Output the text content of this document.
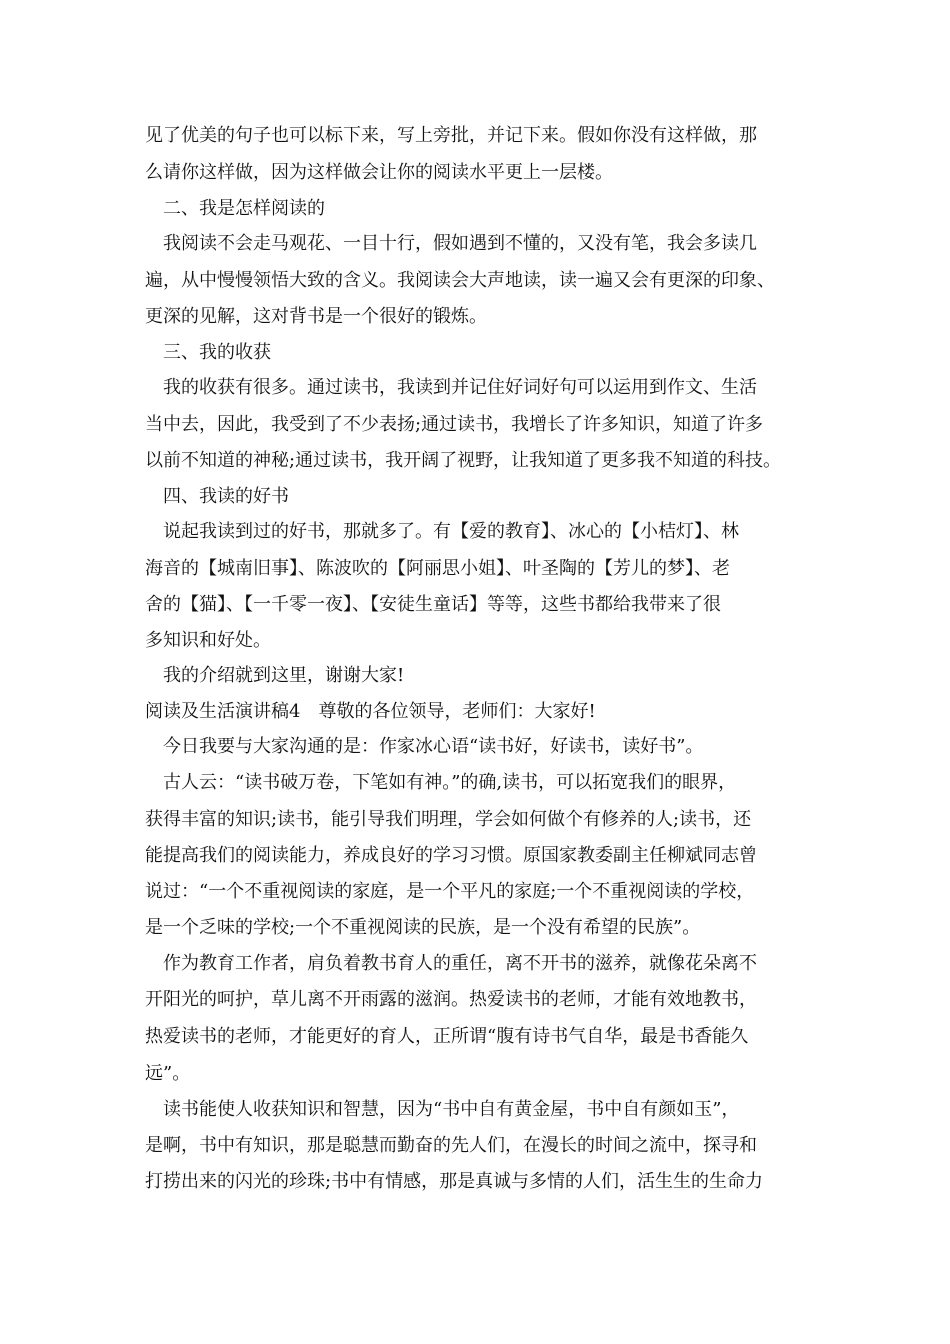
见了优美的句子也可以标下来，写上旁批，并记下来。假如你没有这样做，那
么请你这样做，因为这样做会让你的阅读水平更上一层楼。
　二、我是怎样阅读的
　我阅读不会走马观花、一目十行，假如遇到不懂的，又没有笔，我会多读几
遍，从中慢慢领悟大致的含义。我阅读会大声地读，读一遍又会有更深的印象、
更深的见解，这对背书是一个很好的锻炼。
　三、我的收获
　我的收获有很多。通过读书，我读到并记住好词好句可以运用到作文、生活
当中去，因此，我受到了不少表扬;通过读书，我增长了许多知识，知道了许多
以前不知道的神秘;通过读书，我开阔了视野，让我知道了更多我不知道的科技。
　四、我读的好书
　说起我读到过的好书，那就多了。有【爱的教育】、冰心的【小桔灯】、林
海音的【城南旧事】、陈波吹的【阿丽思小姐】、叶圣陶的【芳儿的梦】、老
舍的【猫】、【一千零一夜】、【安徒生童话】等等，这些书都给我带来了很
多知识和好处。
　我的介绍就到这里，谢谢大家!
阅读及生活演讲稿4　尊敬的各位领导，老师们：大家好!
　今日我要与大家沟通的是：作家冰心语“读书好，好读书，读好书”。
　古人云：“读书破万卷，下笔如有神。”的确,读书，可以拓宽我们的眼界，
获得丰富的知识;读书，能引导我们明理，学会如何做个有修养的人;读书，还
能提高我们的阅读能力，养成良好的学习习惯。原国家教委副主任柳斌同志曾
说过：“一个不重视阅读的家庭，是一个平凡的家庭;一个不重视阅读的学校，
是一个乏味的学校;一个不重视阅读的民族，是一个没有希望的民族”。
　作为教育工作者，肩负着教书育人的重任，离不开书的滋养，就像花朵离不
开阳光的呵护，草儿离不开雨露的滋润。热爱读书的老师，才能有效地教书，
热爱读书的老师，才能更好的育人，正所谓“腹有诗书气自华，最是书香能久
远”。
　读书能使人收获知识和智慧，因为“书中自有黄金屋，书中自有颜如玉”，
是啊，书中有知识，那是聪慧而勤奋的先人们，在漫长的时间之流中，探寻和
打捞出来的闪光的珍珠;书中有情感，那是真诚与多情的人们，活生生的生命力
